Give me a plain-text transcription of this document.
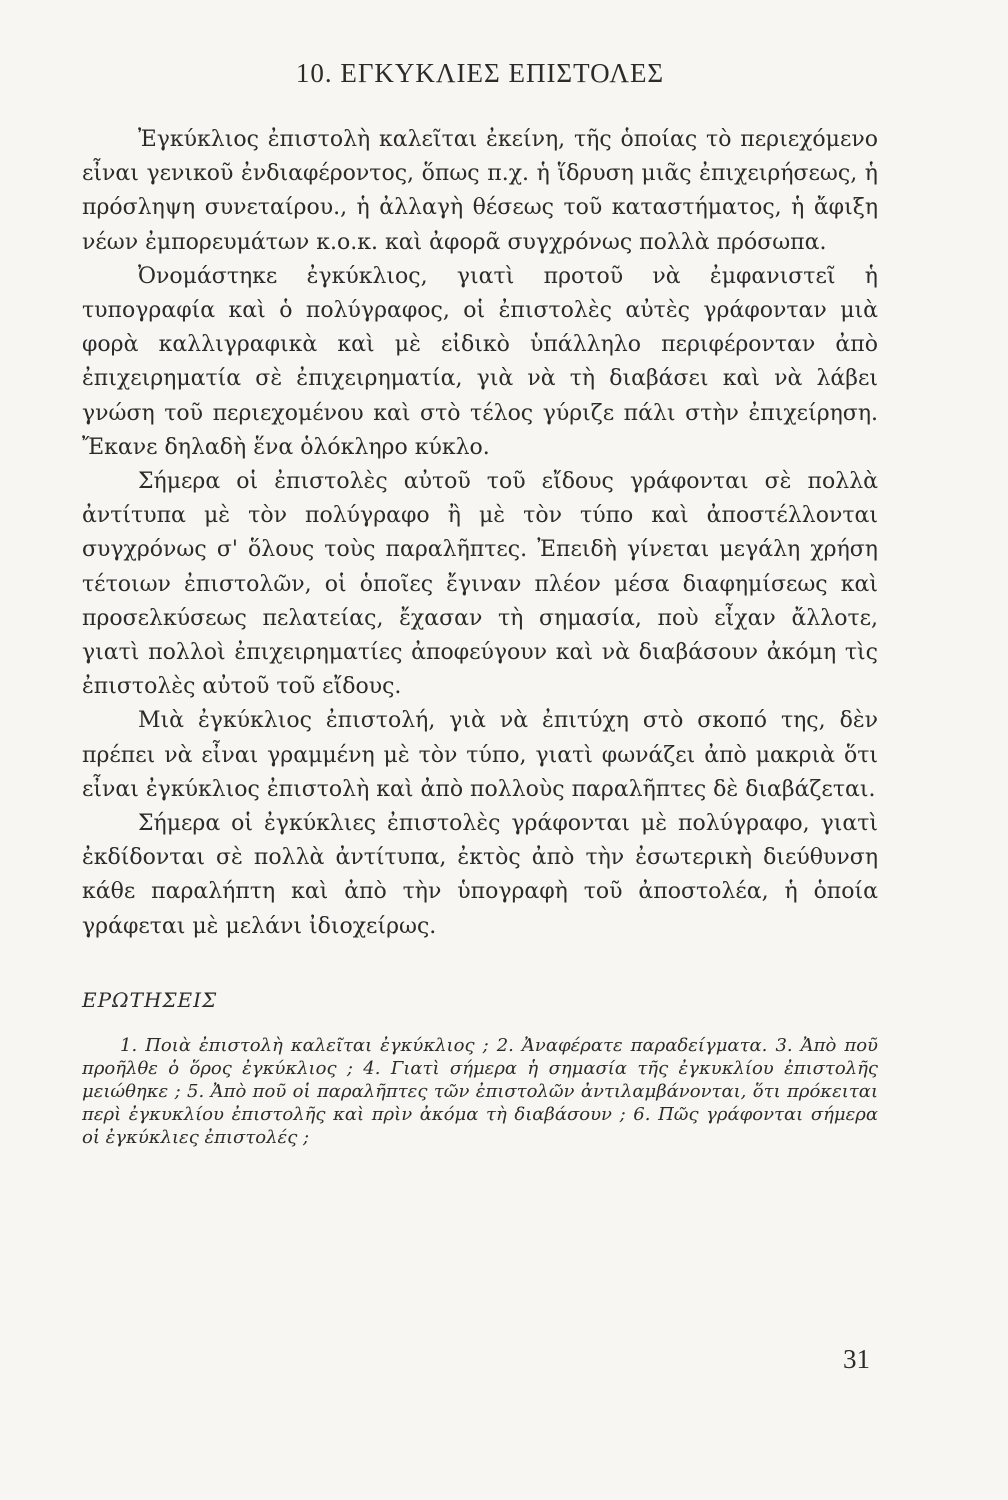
10. ΕΓΚΥΚΛΙΕΣ ΕΠΙΣΤΟΛΕΣ

Ἐγκύκλιος ἐπιστολὴ καλεῖται ἐκείνη, τῆς ὁποίας τὸ περιεχόμενο εἶναι γενικοῦ ἐνδιαφέροντος, ὅπως π.χ. ἡ ἵδρυση μιᾶς ἐπιχειρήσεως, ἡ πρόσληψη συνεταίρου., ἡ ἀλλαγὴ θέσεως τοῦ καταστήματος, ἡ ἄφιξη νέων ἐμπορευμάτων κ.ο.κ. καὶ ἀφορᾶ συγχρόνως πολλὰ πρόσωπα.

Ὀνομάστηκε ἐγκύκλιος, γιατὶ προτοῦ νὰ ἐμφανιστεῖ ἡ τυπογραφία καὶ ὁ πολύγραφος, οἱ ἐπιστολὲς αὐτὲς γράφονταν μιὰ φορὰ καλλιγραφικὰ καὶ μὲ εἰδικὸ ὑπάλληλο περιφέρονταν ἀπὸ ἐπιχειρηματία σὲ ἐπιχειρηματία, γιὰ νὰ τὴ διαβάσει καὶ νὰ λάβει γνώση τοῦ περιεχομένου καὶ στὸ τέλος γύριζε πάλι στὴν ἐπιχείρηση. Ἔκανε δηλαδὴ ἕνα ὁλόκληρο κύκλο.

Σήμερα οἱ ἐπιστολὲς αὐτοῦ τοῦ εἴδους γράφονται σὲ πολλὰ ἀντίτυπα μὲ τὸν πολύγραφο ἢ μὲ τὸν τύπο καὶ ἀποστέλλονται συγχρόνως σ' ὅλους τοὺς παραλῆπτες. Ἐπειδὴ γίνεται μεγάλη χρήση τέτοιων ἐπιστολῶν, οἱ ὁποῖες ἔγιναν πλέον μέσα διαφημίσεως καὶ προσελκύσεως πελατείας, ἔχασαν τὴ σημασία, ποὺ εἶχαν ἄλλοτε, γιατὶ πολλοὶ ἐπιχειρηματίες ἀποφεύγουν καὶ νὰ διαβάσουν ἀκόμη τὶς ἐπιστολὲς αὐτοῦ τοῦ εἴδους.

Μιὰ ἐγκύκλιος ἐπιστολή, γιὰ νὰ ἐπιτύχη στὸ σκοπό της, δὲν πρέπει νὰ εἶναι γραμμένη μὲ τὸν τύπο, γιατὶ φωνάζει ἀπὸ μακριὰ ὅτι εἶναι ἐγκύκλιος ἐπιστολὴ καὶ ἀπὸ πολλοὺς παραλῆπτες δὲ διαβάζεται.

Σήμερα οἱ ἐγκύκλιες ἐπιστολὲς γράφονται μὲ πολύγραφο, γιατὶ ἐκδίδονται σὲ πολλὰ ἀντίτυπα, ἐκτὸς ἀπὸ τὴν ἐσωτερικὴ διεύθυνση κάθε παραλήπτη καὶ ἀπὸ τὴν ὑπογραφὴ τοῦ ἀποστολέα, ἡ ὁποία γράφεται μὲ μελάνι ἰδιοχείρως.

ΕΡΩΤΗΣΕΙΣ

1. Ποιὰ ἐπιστολὴ καλεῖται ἐγκύκλιος ; 2. Ἀναφέρατε παραδείγματα. 3. Ἀπὸ ποῦ προῆλθε ὁ ὅρος ἐγκύκλιος ; 4. Γιατὶ σήμερα ἡ σημασία τῆς ἐγκυκλίου ἐπιστολῆς μειώθηκε ; 5. Ἀπὸ ποῦ οἱ παραλῆπτες τῶν ἐπιστολῶν ἀντιλαμβάνονται, ὅτι πρόκειται περὶ ἐγκυκλίου ἐπιστολῆς καὶ πρὶν ἀκόμα τὴ διαβάσουν ; 6. Πῶς γράφονται σήμερα οἱ ἐγκύκλιες ἐπιστολές ;

31
